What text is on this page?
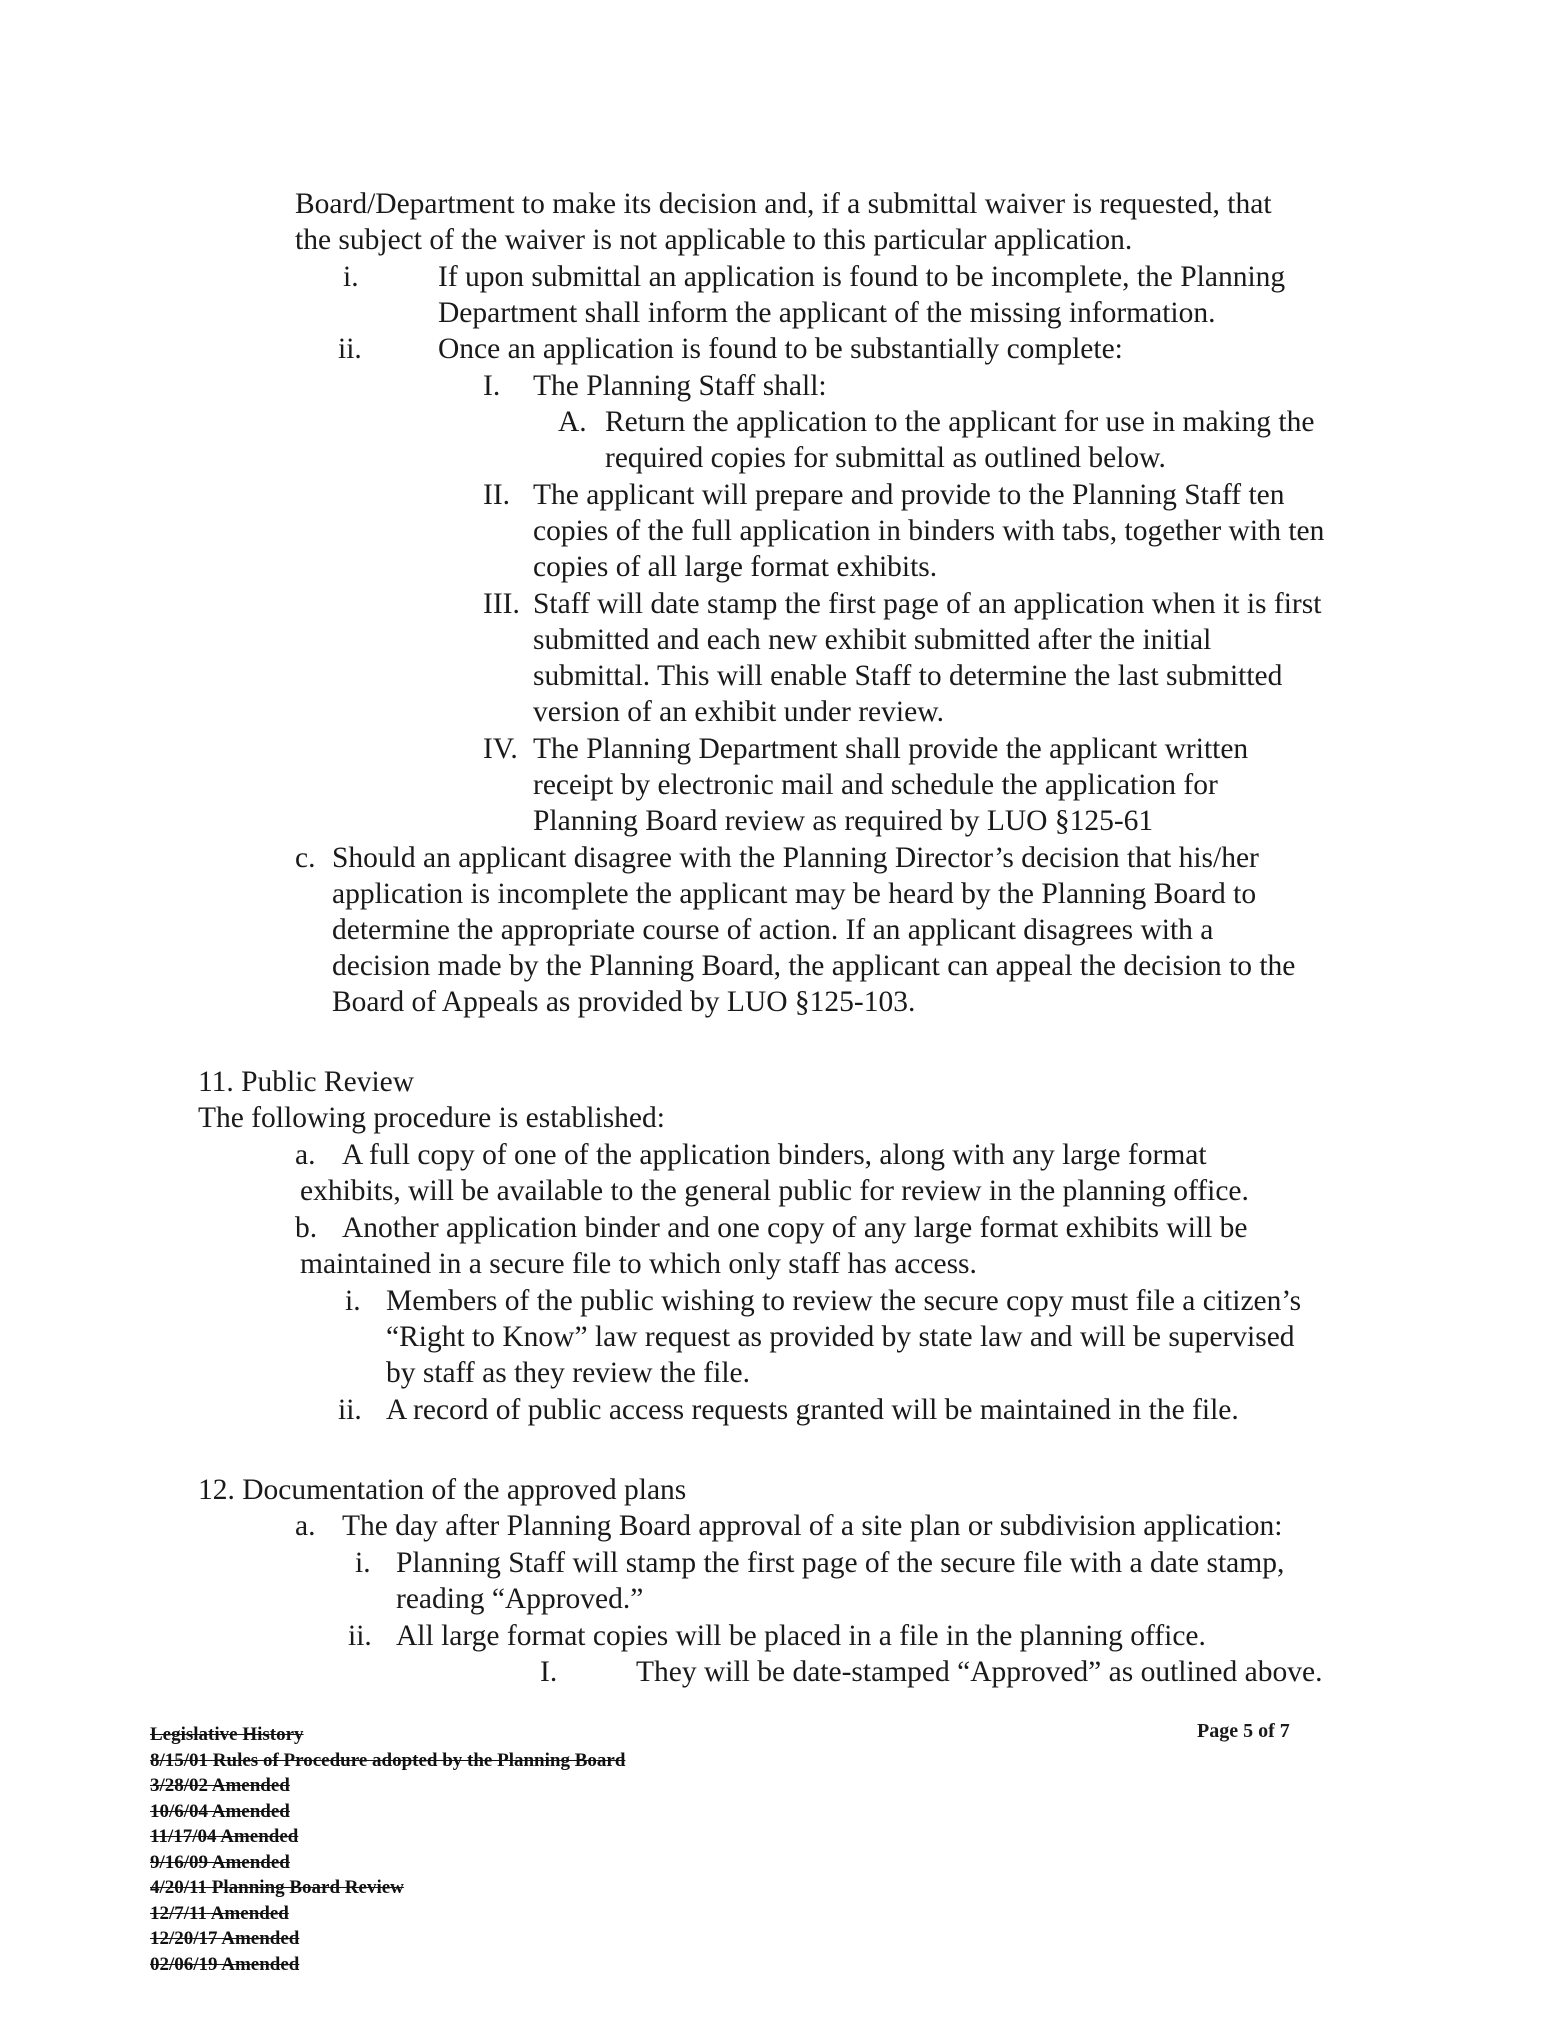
Board/Department to make its decision and, if a submittal waiver is requested, that
the subject of the waiver is not applicable to this particular application.
i.	If upon submittal an application is found to be incomplete, the Planning
Department shall inform the applicant of the missing information.
ii.	Once an application is found to be substantially complete:
I. The Planning Staff shall:
A. Return the application to the applicant for use in making the
required copies for submittal as outlined below.
II. The applicant will prepare and provide to the Planning Staff ten
copies of the full application in binders with tabs, together with ten
copies of all large format exhibits.
III. Staff will date stamp the first page of an application when it is first
submitted and each new exhibit submitted after the initial
submittal. This will enable Staff to determine the last submitted
version of an exhibit under review.
IV. The Planning Department shall provide the applicant written
receipt by electronic mail and schedule the application for
Planning Board review as required by LUO §125-61
c. Should an applicant disagree with the Planning Director’s decision that his/her
application is incomplete the applicant may be heard by the Planning Board to
determine the appropriate course of action. If an applicant disagrees with a
decision made by the Planning Board, the applicant can appeal the decision to the
Board of Appeals as provided by LUO §125-103.
11. Public Review
The following procedure is established:
a. A full copy of one of the application binders, along with any large format
exhibits, will be available to the general public for review in the planning office.
b. Another application binder and one copy of any large format exhibits will be
maintained in a secure file to which only staff has access.
i. Members of the public wishing to review the secure copy must file a citizen’s
“Right to Know” law request as provided by state law and will be supervised
by staff as they review the file.
ii. A record of public access requests granted will be maintained in the file.
12. Documentation of the approved plans
a. The day after Planning Board approval of a site plan or subdivision application:
i. Planning Staff will stamp the first page of the secure file with a date stamp,
reading “Approved.”
ii. All large format copies will be placed in a file in the planning office.
I.	They will be date-stamped “Approved” as outlined above.
Legislative History
8/15/01 Rules of Procedure adopted by the Planning Board
3/28/02 Amended
10/6/04 Amended
11/17/04 Amended
9/16/09 Amended
4/20/11 Planning Board Review
12/7/11 Amended
12/20/17 Amended
02/06/19 Amended
Page 5 of 7
